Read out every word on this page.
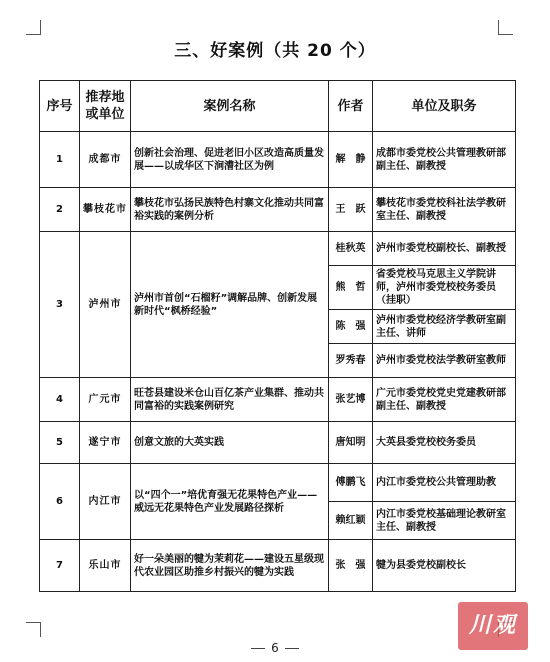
三、好案例（共 20 个）
序号	推荐地或单位	案例名称	作者	单位及职务
1	成都市	创新社会治理、促进老旧小区改造高质量发展——以成华区下涧漕社区为例	解　静	成都市委党校公共管理教研部副主任、副教授
2	攀枝花市	攀枝花市弘扬民族特色村寨文化推动共同富裕实践的案例分析	王　跃	攀枝花市委党校科社法学教研室主任、副教授
3	泸州市	泸州市首创“石榴籽”调解品牌、创新发展新时代“枫桥经验”	桂秋英	泸州市委党校副校长、副教授
			熊　哲	省委党校马克思主义学院讲师，泸州市委党校校务委员（挂职）
			陈　强	泸州市委党校经济学教研室副主任、讲师
			罗秀春	泸州市委党校法学教研室教师
4	广元市	旺苍县建设米仓山百亿茶产业集群、推动共同富裕的实践案例研究	张艺博	广元市委党校党史党建教研部副主任、副教授
5	遂宁市	创意文旅的大英实践	唐知明	大英县委党校校务委员
6	内江市	以“四个一”培优育强无花果特色产业——威远无花果特色产业发展路径探析	傅鹏飞	内江市委党校公共管理助教
			赖红颖	内江市委党校基础理论教研室主任、副教授
7	乐山市	好一朵美丽的犍为茉莉花——建设五星级现代农业园区助推乡村振兴的犍为实践	张　强	犍为县委党校副校长
6
川观
